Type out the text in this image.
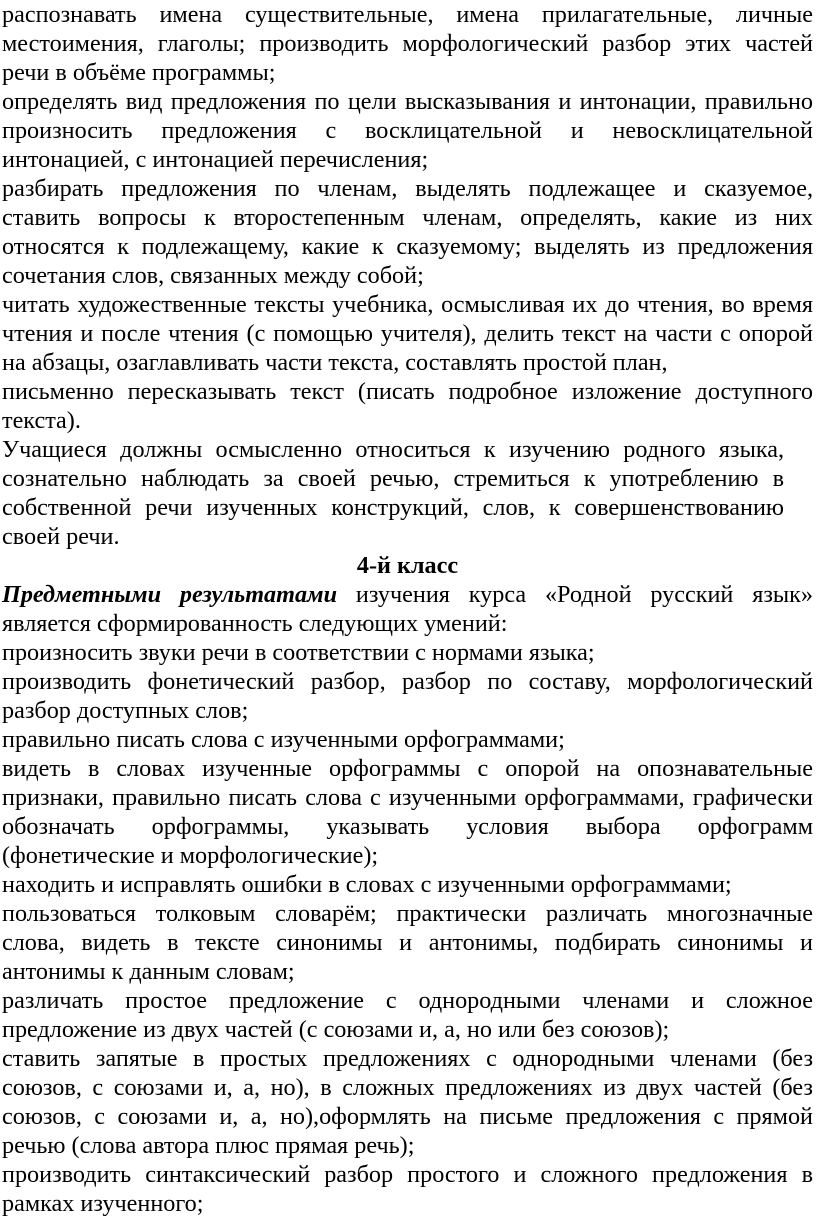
распознавать имена существительные, имена прилагательные, личные местоимения, глаголы; производить морфологический разбор этих частей речи в объёме программы;

определять вид предложения по цели высказывания и интонации, правильно произносить предложения с восклицательной и невосклицательной интонацией, с интонацией перечисления;

разбирать предложения по членам, выделять подлежащее и сказуемое, ставить вопросы к второстепенным членам, определять, какие из них относятся к подлежащему, какие к сказуемому; выделять из предложения сочетания слов, связанных между собой;

читать художественные тексты учебника, осмысливая их до чтения, во время чтения и после чтения (с помощью учителя), делить текст на части с опорой на абзацы, озаглавливать части текста, составлять простой план,

письменно пересказывать текст (писать подробное изложение доступного текста).

Учащиеся должны осмысленно относиться к изучению родного языка, сознательно наблюдать за своей речью, стремиться к употреблению в собственной речи изученных конструкций, слов, к совершенствованию своей речи.

4-й класс

Предметными результатами изучения курса «Родной русский язык» является сформированность следующих умений:

произносить звуки речи в соответствии с нормами языка;

производить фонетический разбор, разбор по составу, морфологический разбор доступных слов;

правильно писать слова с изученными орфограммами;

видеть в словах изученные орфограммы с опорой на опознавательные признаки, правильно писать слова с изученными орфограммами, графически обозначать орфограммы, указывать условия выбора орфограмм (фонетические и морфологические);

находить и исправлять ошибки в словах с изученными орфограммами;

пользоваться толковым словарём; практически различать многозначные слова, видеть в тексте синонимы и антонимы, подбирать синонимы и антонимы к данным словам;

различать простое предложение с однородными членами и сложное предложение из двух частей (с союзами и, а, но или без союзов);

ставить запятые в простых предложениях с однородными членами (без союзов, с союзами и, а, но), в сложных предложениях из двух частей (без союзов, с союзами и, а, но),оформлять на письме предложения с прямой речью (слова автора плюс прямая речь);

производить синтаксический разбор простого и сложного предложения в рамках изученного;
